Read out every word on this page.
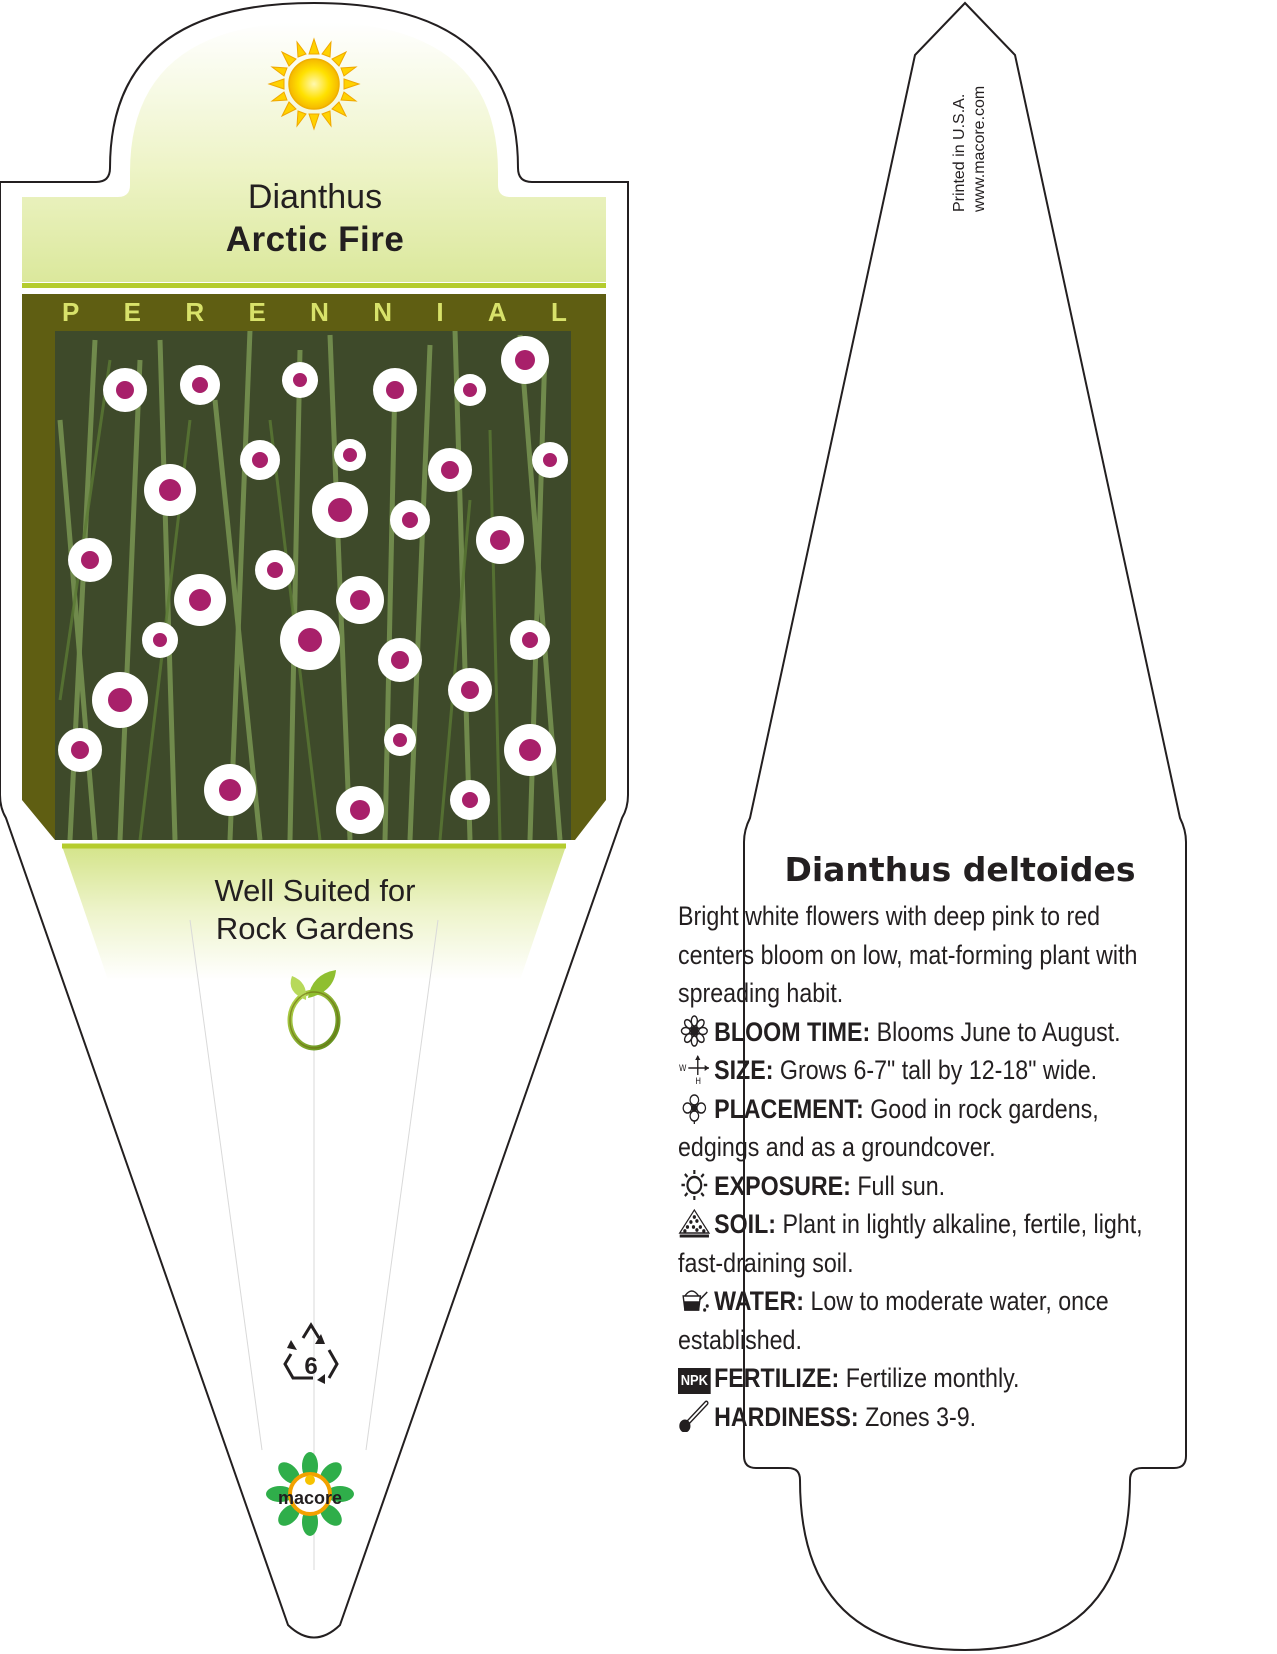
Dianthus
Arctic Fire
P E R E N N I A L
Well Suited for
Rock Gardens
6
macore
Printed in U.S.A. www.macore.com
Dianthus deltoides

Bright white flowers with deep pink to red centers bloom on low, mat-forming plant with spreading habit.

BLOOM TIME: Blooms June to August.

W
H SIZE: Grows 6-7" tall by 12-18" wide.

PLACEMENT: Good in rock gardens, edgings and as a groundcover.

EXPOSURE: Full sun.

SOIL: Plant in lightly alkaline, fertile, light, fast-draining soil.

WATER: Low to moderate water, once established.

NPK FERTILIZE: Fertilize monthly.

HARDINESS: Zones 3-9.
